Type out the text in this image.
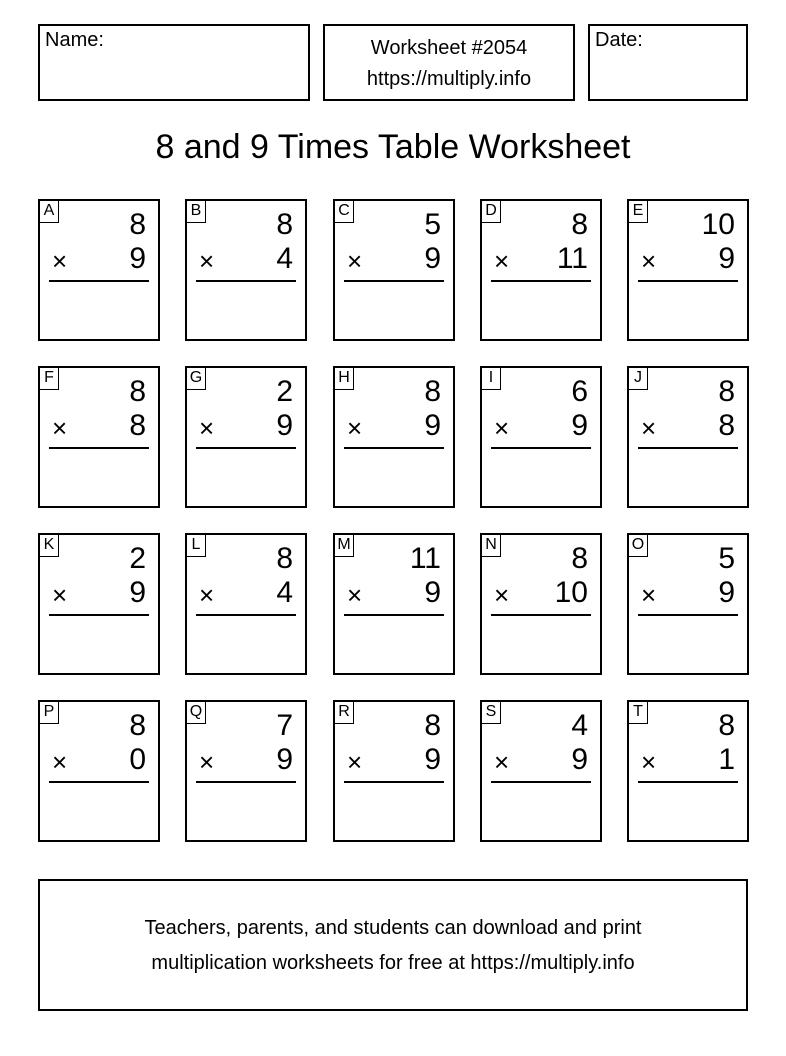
Name:	Worksheet #2054
https://multiply.info
Date:
8 and 9 Times Table Worksheet
A 8
× 9
B 8
× 4
C 5
× 9
D 8
× 11
E 10
× 9
F	8
× 8
G 2
× 9
H 8
× 9
I	6
× 9
J	8
× 8
K 2
× 9
L	8
× 4
M 11
× 9
N 8
× 10
O 5
× 9
P 8
× 0
Q 7
× 9
R 8
× 9
S 4
× 9
T	8
× 1
Teachers, parents, and students can download and print
multiplication worksheets for free at https://multiply.info
